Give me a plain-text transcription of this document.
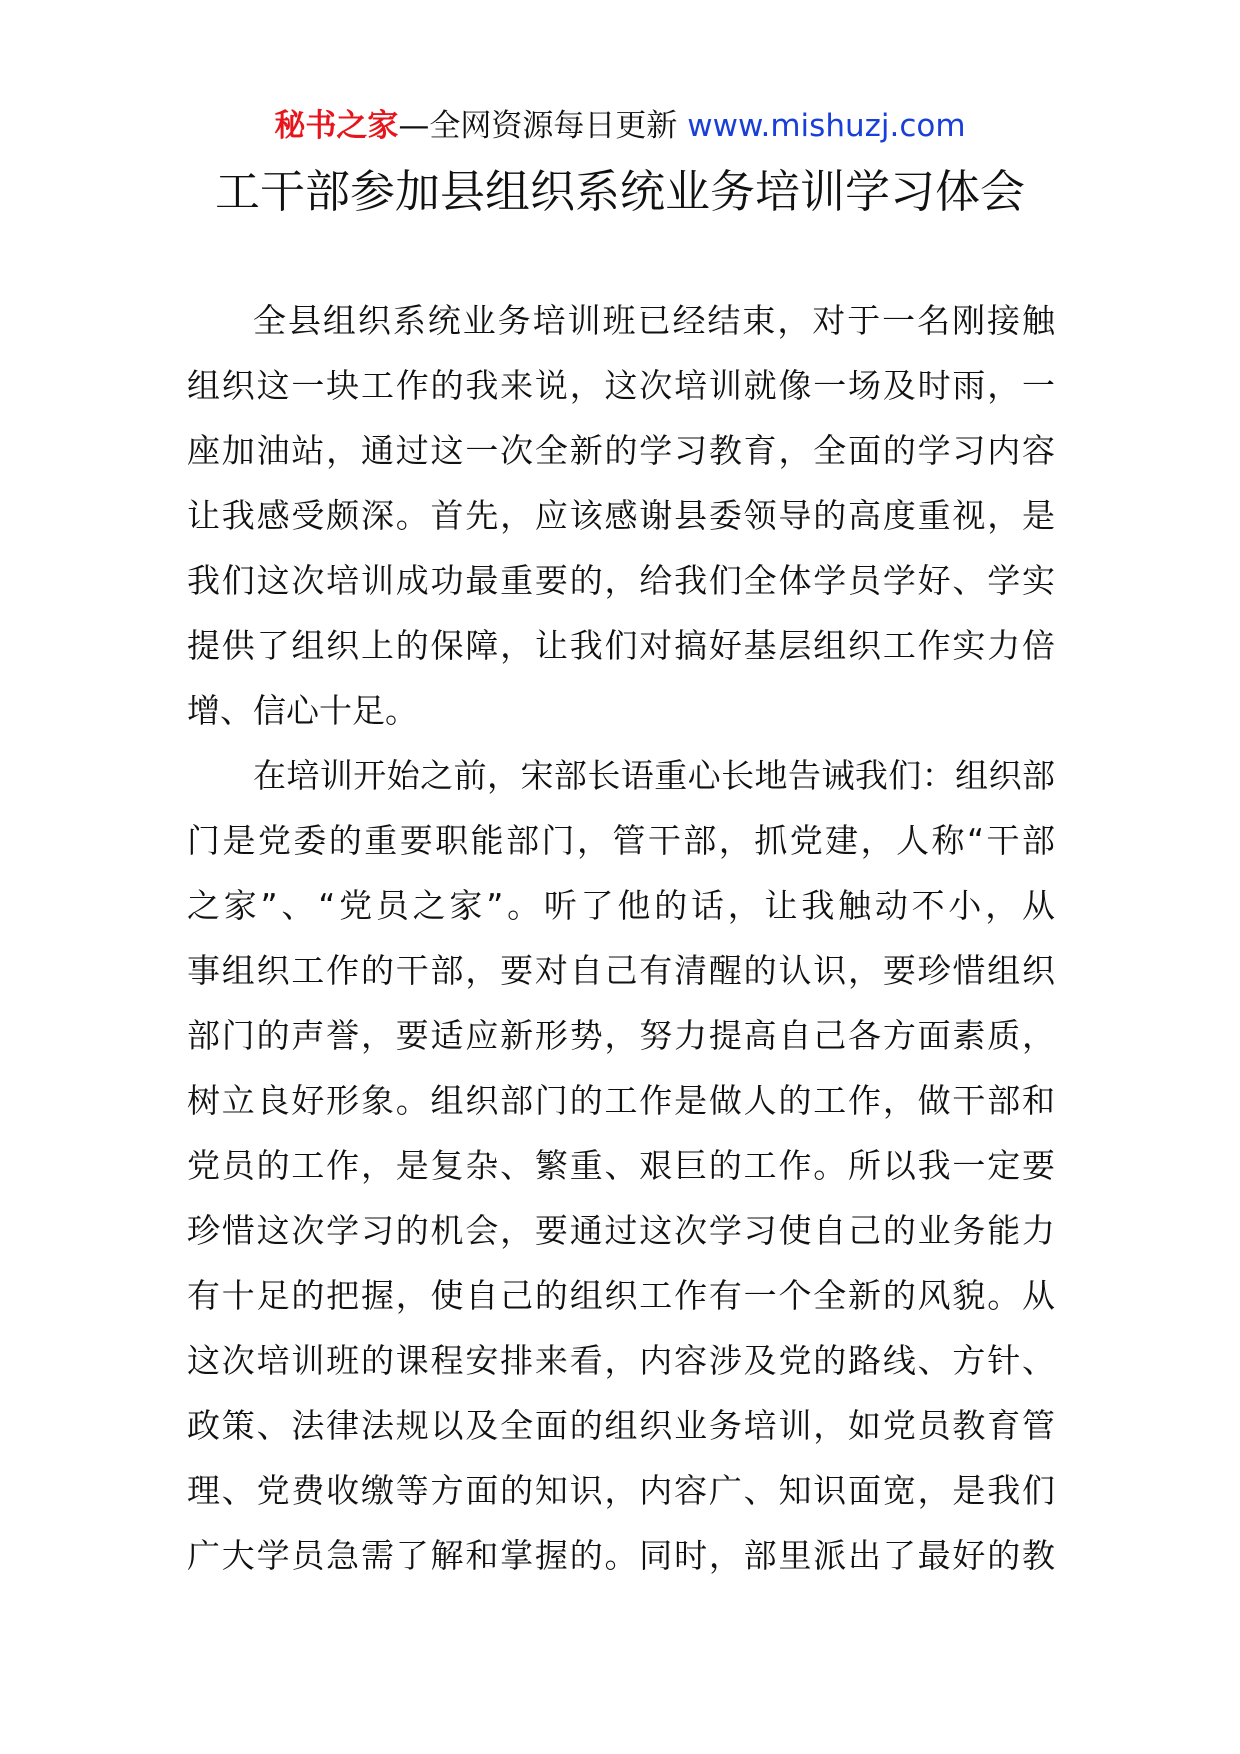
秘书之家—全网资源每日更新 www.mishuzj.com
工干部参加县组织系统业务培训学习体会
全县组织系统业务培训班已经结束，对于一名刚接触
组织这一块工作的我来说，这次培训就像一场及时雨，一
座加油站，通过这一次全新的学习教育，全面的学习内容
让我感受颇深。首先，应该感谢县委领导的高度重视，是
我们这次培训成功最重要的，给我们全体学员学好、学实
提供了组织上的保障，让我们对搞好基层组织工作实力倍
增、信心十足。
在培训开始之前，宋部长语重心长地告诫我们：组织部
门是党委的重要职能部门，管干部，抓党建，人称“干部
之家”、“党员之家”。听了他的话，让我触动不小，从
事组织工作的干部，要对自己有清醒的认识，要珍惜组织
部门的声誉，要适应新形势，努力提高自己各方面素质，
树立良好形象。组织部门的工作是做人的工作，做干部和
党员的工作，是复杂、繁重、艰巨的工作。所以我一定要
珍惜这次学习的机会，要通过这次学习使自己的业务能力
有十足的把握，使自己的组织工作有一个全新的风貌。从
这次培训班的课程安排来看，内容涉及党的路线、方针、
政策、法律法规以及全面的组织业务培训，如党员教育管
理、党费收缴等方面的知识，内容广、知识面宽，是我们
广大学员急需了解和掌握的。同时，部里派出了最好的教
